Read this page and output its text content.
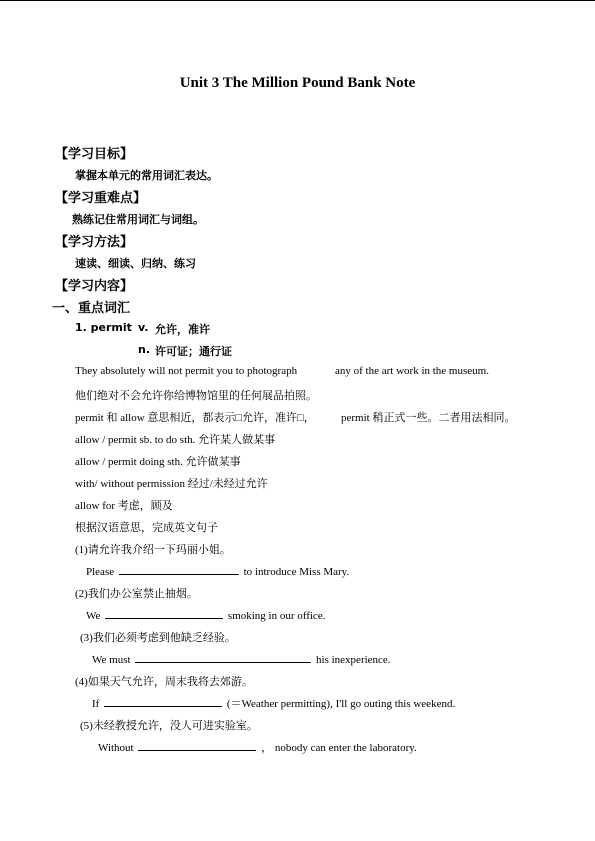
Unit 3 The Million Pound Bank Note
【学习目标】
掌握本单元的常用词汇表达。
【学习重难点】
熟练记住常用词汇与词组。
【学习方法】
速读、细读、归纳、练习
【学习内容】
一、重点词汇
1. permit v. 允许，准许
n. 许可证；通行证
They absolutely will not permit you to photograph	any of the art work in the museum.
他们绝对不会允许你给博物馆里的任何展品拍照。
permit 和 allow 意思相近，都表示□允许，准许□， permit 稍正式一些。二者用法相同。
allow / permit sb. to do sth. 允许某人做某事
allow / permit doing sth. 允许做某事
with/ without permission 经过/未经过允许
allow for 考虑，顾及
根据汉语意思，完成英文句子
(1)请允许我介绍一下玛丽小姐。
Please	to introduce Miss Mary.
(2)我们办公室禁止抽烟。
We	smoking in our office.
(3)我们必须考虑到他缺乏经验。
We must	his inexperience.
(4)如果天气允许，周末我将去郊游。
If	(＝Weather permitting), I'll go outing this weekend.
(5)未经教授允许，没人可进实验室。
Without	， nobody can enter the laboratory.
